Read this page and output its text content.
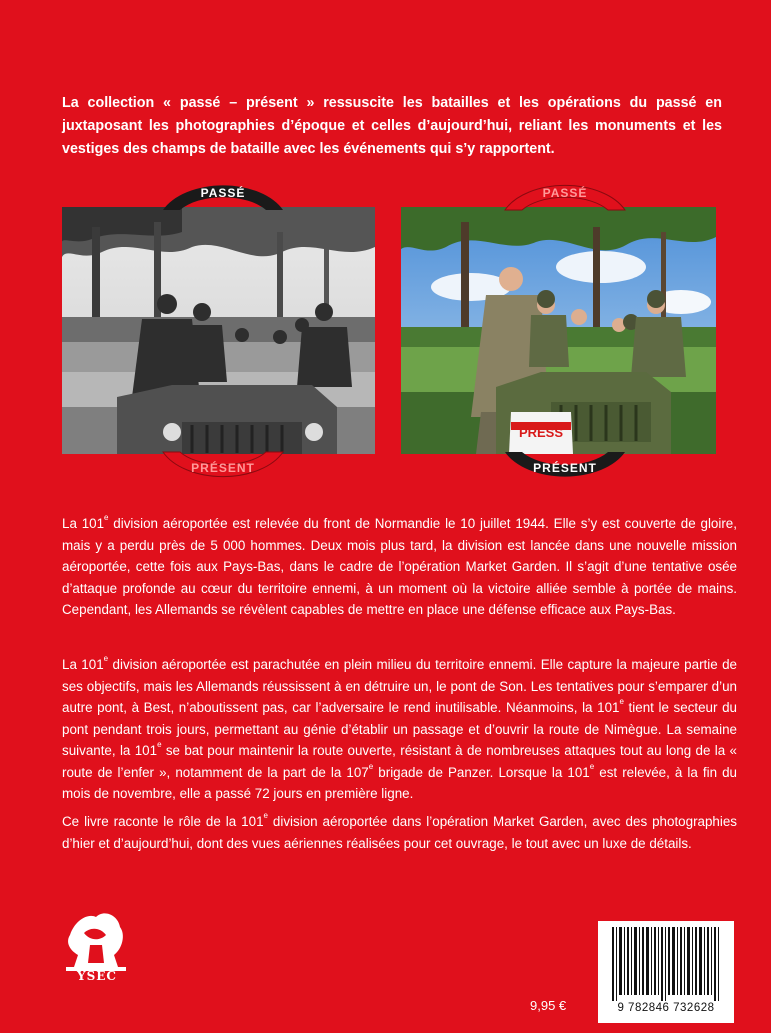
La collection « passé – présent » ressuscite les batailles et les opérations du passé en juxtaposant les photographies d’époque et celles d’aujourd’hui, reliant les monuments et les vestiges des champs de bataille avec les événements qui s’y rapportent.
PRESS
PASSÉ
PRÉSENT
PASSÉ
PRÉSENT
La 101e division aéroportée est relevée du front de Normandie le 10 juillet 1944. Elle s’y est couverte de gloire, mais y a perdu près de 5 000 hommes. Deux mois plus tard, la division est lancée dans une nouvelle mission aéroportée, cette fois aux Pays-Bas, dans le cadre de l’opération Market Garden. Il s’agit d’une tentative osée d’attaque profonde au cœur du territoire ennemi, à un moment où la victoire alliée semble à portée de mains. Cependant, les Allemands se révèlent capables de mettre en place une défense efficace aux Pays-Bas.
La 101e division aéroportée est parachutée en plein milieu du territoire ennemi. Elle capture la majeure partie de ses objectifs, mais les Allemands réussissent à en détruire un, le pont de Son. Les tentatives pour s’emparer d’un autre pont, à Best, n’aboutissent pas, car l’adversaire le rend inutilisable. Néanmoins, la 101e tient le secteur du pont pendant trois jours, permettant au génie d’établir un passage et d’ouvrir la route de Nimègue. La semaine suivante, la 101e se bat pour maintenir la route ouverte, résistant à de nombreuses attaques tout au long de la « route de l’enfer », notamment de la part de la 107e brigade de Panzer. Lorsque la 101e est relevée, à la fin du mois de novembre, elle a passé 72 jours en première ligne.
Ce livre raconte le rôle de la 101e division aéroportée dans l’opération Market Garden, avec des photographies d’hier et d’aujourd’hui, dont des vues aériennes réalisées pour cet ouvrage, le tout avec un luxe de détails.
YSEC
9,95 €	9 782846 732628
